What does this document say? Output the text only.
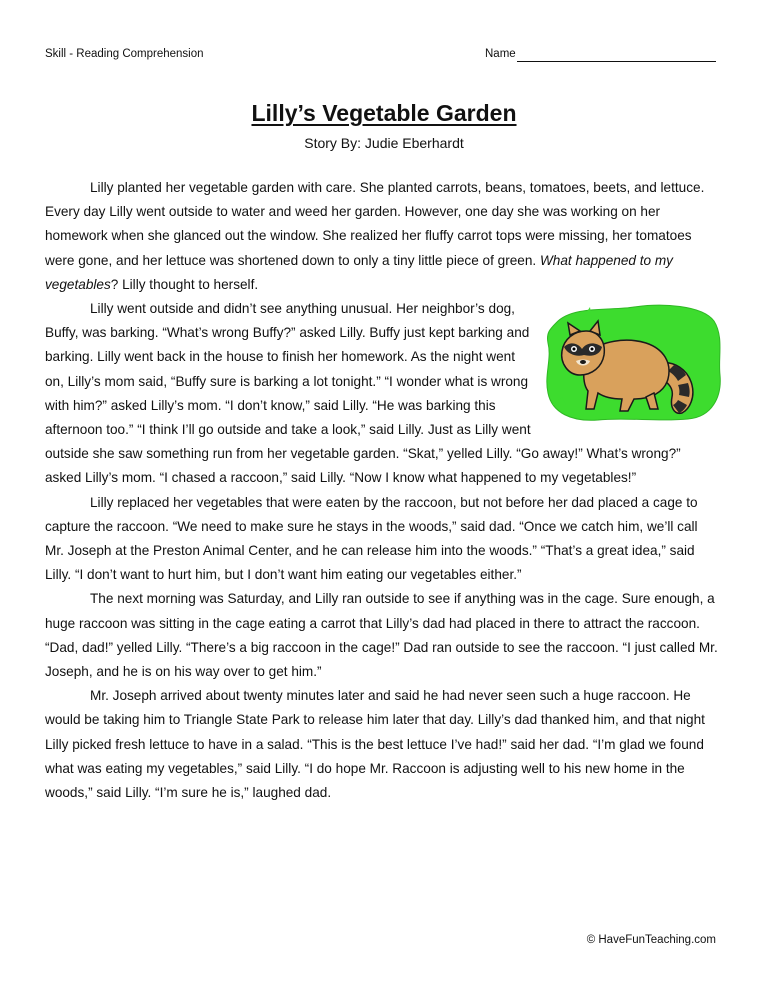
Skill - Reading Comprehension	Name
Lilly’s Vegetable Garden
Story By: Judie Eberhardt

Lilly planted her vegetable garden with care. She planted carrots, beans, tomatoes, beets, and lettuce. Every day Lilly went outside to water and weed her garden. However, one day she was working on her homework when she glanced out the window. She realized her fluffy carrot tops were missing, her tomatoes were gone, and her lettuce was shortened down to only a tiny little piece of green. What happened to my vegetables? Lilly thought to herself.

Lilly went outside and didn’t see anything unusual. Her neighbor’s dog, Buffy, was barking. “What’s wrong Buffy?” asked Lilly. Buffy just kept barking and barking. Lilly went back in the house to finish her homework. As the night went on, Lilly’s mom said, “Buffy sure is barking a lot tonight.” “I wonder what is wrong with him?” asked Lilly’s mom. “I don’t know,” said Lilly. “He was barking this afternoon too.” “I think I’ll go outside and take a look,” said Lilly. Just as Lilly went outside she saw something run from her vegetable garden. “Skat,” yelled Lilly. “Go away!” What’s wrong?” asked Lilly’s mom. “I chased a raccoon,” said Lilly. “Now I know what happened to my vegetables!”

Lilly replaced her vegetables that were eaten by the raccoon, but not before her dad placed a cage to capture the raccoon. “We need to make sure he stays in the woods,” said dad. “Once we catch him, we’ll call Mr. Joseph at the Preston Animal Center, and he can release him into the woods.” “That’s a great idea,” said Lilly. “I don’t want to hurt him, but I don’t want him eating our vegetables either.”

The next morning was Saturday, and Lilly ran outside to see if anything was in the cage. Sure enough, a huge raccoon was sitting in the cage eating a carrot that Lilly’s dad had placed in there to attract the raccoon. “Dad, dad!” yelled Lilly. “There’s a big raccoon in the cage!” Dad ran outside to see the raccoon. “I just called Mr. Joseph, and he is on his way over to get him.”

Mr. Joseph arrived about twenty minutes later and said he had never seen such a huge raccoon. He would be taking him to Triangle State Park to release him later that day. Lilly’s dad thanked him, and that night Lilly picked fresh lettuce to have in a salad. “This is the best lettuce I’ve had!” said her dad. “I’m glad we found what was eating my vegetables,” said Lilly. “I do hope Mr. Raccoon is adjusting well to his new home in the woods,” said Lilly. “I’m sure he is,” laughed dad.

© HaveFunTeaching.com
